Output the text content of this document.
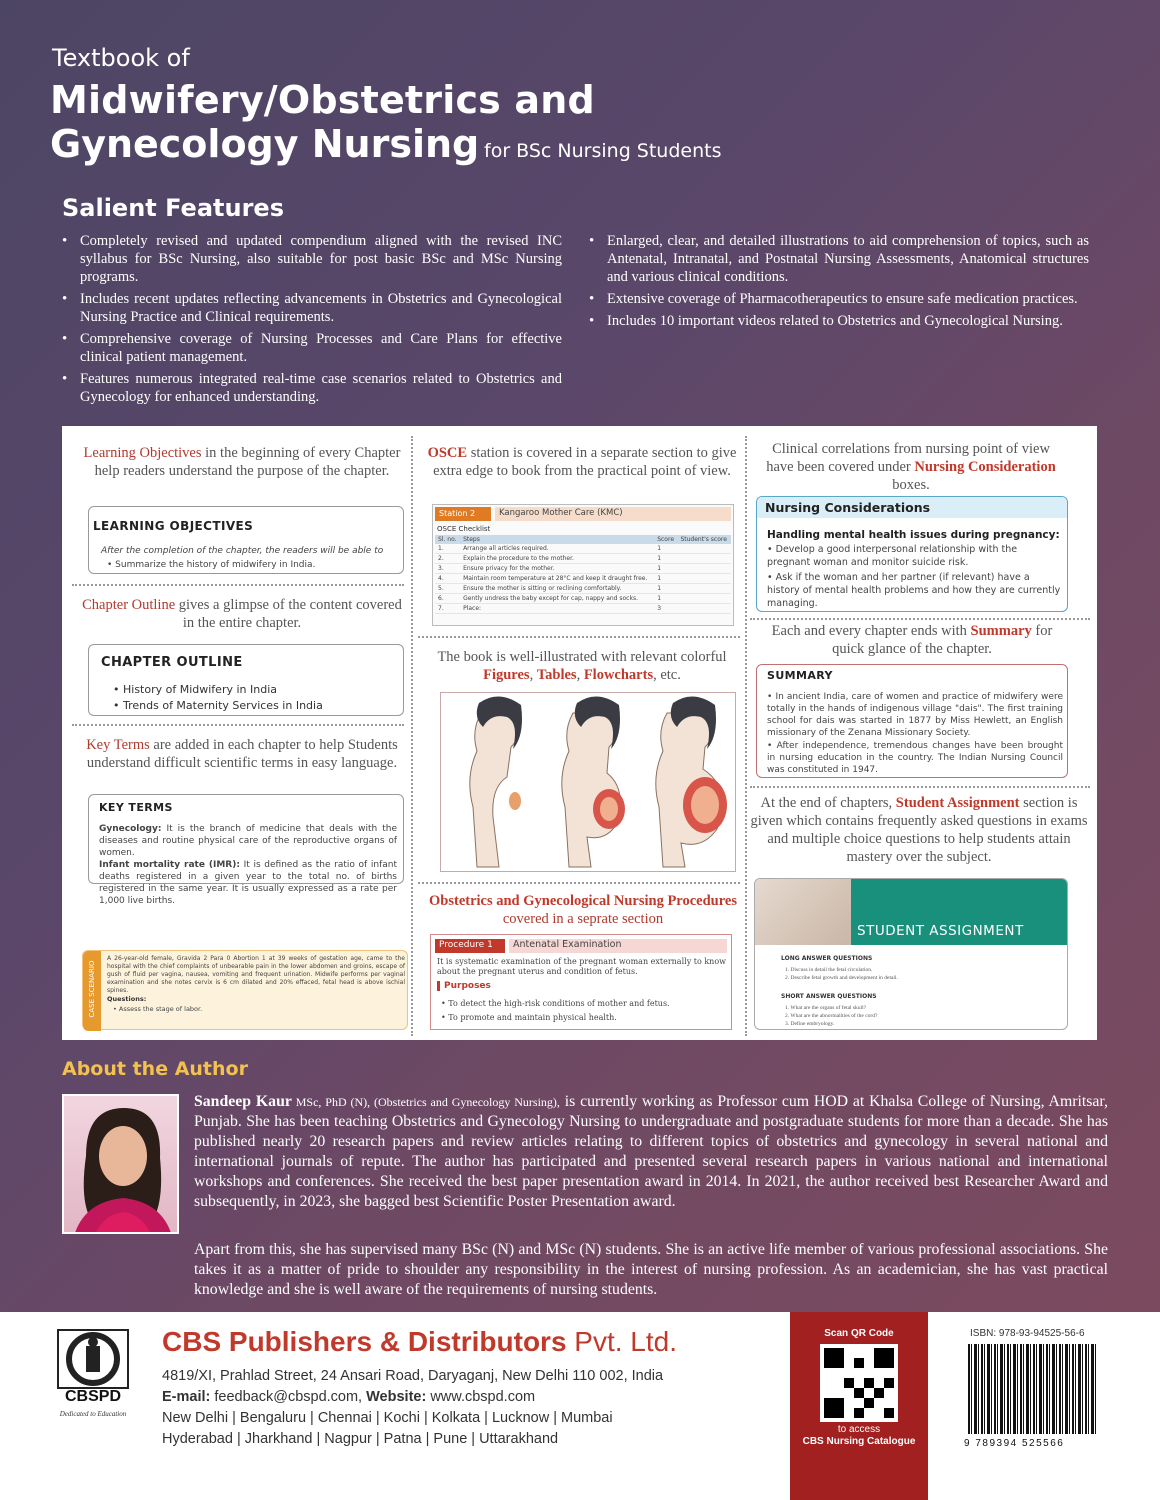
Textbook of
Midwifery/Obstetrics and
Gynecology Nursing for BSc Nursing Students
Salient Features
• Completely revised and updated compendium aligned with the revised INC syllabus for BSc Nursing, also suitable for post basic BSc and MSc Nursing programs.
• Includes recent updates reflecting advancements in Obstetrics and Gynecological Nursing Practice and Clinical requirements.
• Comprehensive coverage of Nursing Processes and Care Plans for effective clinical patient management.
• Features numerous integrated real-time case scenarios related to Obstetrics and Gynecology for enhanced understanding.
• Enlarged, clear, and detailed illustrations to aid comprehension of topics, such as Antenatal, Intranatal, and Postnatal Nursing Assessments, Anatomical structures and various clinical conditions.
• Extensive coverage of Pharmacotherapeutics to ensure safe medication practices.
• Includes 10 important videos related to Obstetrics and Gynecological Nursing.
Learning Objectives in the beginning of every Chapter help readers understand the purpose of the chapter.
LEARNING OBJECTIVES
After the completion of the chapter, the readers will be able to
• Summarize the history of midwifery in India.
Chapter Outline gives a glimpse of the content covered in the entire chapter.
CHAPTER OUTLINE
• History of Midwifery in India
• Trends of Maternity Services in India
Key Terms are added in each chapter to help Students understand difficult scientific terms in easy language.
KEY TERMS
Gynecology: It is the branch of medicine that deals with the diseases and routine physical care of the reproductive organs of women.
Infant mortality rate (IMR): It is defined as the ratio of infant deaths registered in a given year to the total no. of births registered in the same year. It is usually expressed as a rate per 1,000 live births.
CASE SCENARIO
A 26-year-old female, Gravida 2 Para 0 Abortion 1 at 39 weeks of gestation age, came to the hospital with the chief complaints of unbearable pain in the lower abdomen and groins, escape of gush of fluid per vagina, nausea, vomiting and frequent urination. Midwife performs per vaginal examination and she notes cervix is 6 cm dilated and 20% effaced, fetal head is above ischial spines.
Questions:
• Assess the stage of labor.
OSCE station is covered in a separate section to give extra edge to book from the practical point of view.
Station 2	Kangaroo Mother Care (KMC)
OSCE Checklist
Sl. no.	Steps	Score	Student's score
1.	Arrange all articles required.	1	
2.	Explain the procedure to the mother.	1	
3.	Ensure privacy for the mother.	1	
4.	Maintain room temperature at 28°C and keep it draught free.	1	
5.	Ensure the mother is sitting or reclining comfortably.	1	
6.	Gently undress the baby except for cap, nappy and socks.	1	
7.	Place:	3	
The book is well-illustrated with relevant colorful Figures, Tables, Flowcharts, etc.
Obstetrics and Gynecological Nursing Procedures covered in a seprate section
Procedure 1	Antenatal Examination
It is systematic examination of the pregnant woman externally to know about the pregnant uterus and condition of fetus.
Purposes
• To detect the high-risk conditions of mother and fetus.
• To promote and maintain physical health.
Clinical correlations from nursing point of view have been covered under Nursing Consideration boxes.
Nursing Considerations
Handling mental health issues during pregnancy:
• Develop a good interpersonal relationship with the pregnant woman and monitor suicide risk.
• Ask if the woman and her partner (if relevant) have a history of mental health problems and how they are currently managing.
Each and every chapter ends with Summary for quick glance of the chapter.
SUMMARY
• In ancient India, care of women and practice of midwifery were totally in the hands of indigenous village "dais". The first training school for dais was started in 1877 by Miss Hewlett, an English missionary of the Zenana Missionary Society.
• After independence, tremendous changes have been brought in nursing education in the country. The Indian Nursing Council was constituted in 1947.
At the end of chapters, Student Assignment section is given which contains frequently asked questions in exams and multiple choice questions to help students attain mastery over the subject.
STUDENT ASSIGNMENT
LONG ANSWER QUESTIONS
1. Discuss in detail the fetal circulation.
2. Describe fetal growth and development in detail.
SHORT ANSWER QUESTIONS
1. What are the organs of fetal skull?
2. What are the abnormalities of the cord?
3. Define embryology.
About the Author
Sandeep Kaur MSc, PhD (N), (Obstetrics and Gynecology Nursing), is currently working as Professor cum HOD at Khalsa College of Nursing, Amritsar, Punjab. She has been teaching Obstetrics and Gynecology Nursing to undergraduate and postgraduate students for more than a decade. She has published nearly 20 research papers and review articles relating to different topics of obstetrics and gynecology in several national and international journals of repute. The author has participated and presented several research papers in various national and international workshops and conferences. She received the best paper presentation award in 2014. In 2021, the author received best Researcher Award and subsequently, in 2023, she bagged best Scientific Poster Presentation award.
Apart from this, she has supervised many BSc (N) and MSc (N) students. She is an active life member of various professional associations. She takes it as a matter of pride to shoulder any responsibility in the interest of nursing profession. As an academician, she has vast practical knowledge and she is well aware of the requirements of nursing students.
CBSPD
Dedicated to Education
CBS Publishers & Distributors Pvt. Ltd.
4819/XI, Prahlad Street, 24 Ansari Road, Daryaganj, New Delhi 110 002, India
E-mail: feedback@cbspd.com, Website: www.cbspd.com
New Delhi | Bengaluru | Chennai | Kochi | Kolkata | Lucknow | Mumbai
Hyderabad | Jharkhand | Nagpur | Patna | Pune | Uttarakhand
Scan QR Code
to access
CBS Nursing Catalogue
ISBN: 978-93-94525-56-6
9 789394 525566
